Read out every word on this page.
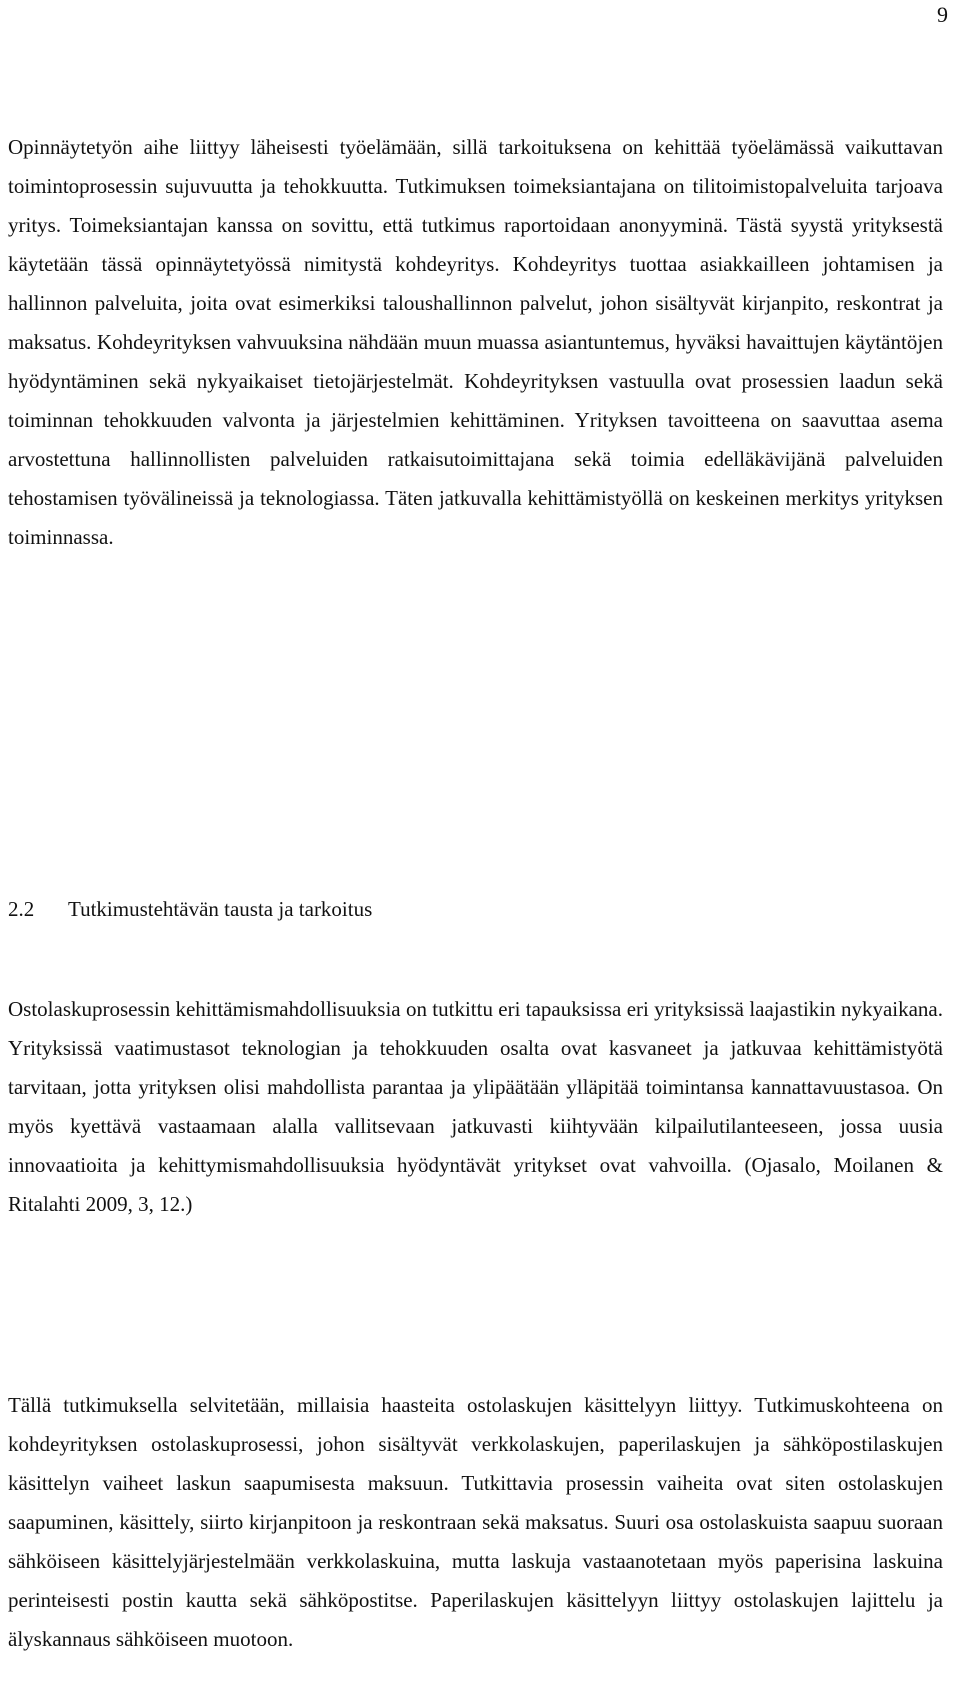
9

Opinnäytetyön aihe liittyy läheisesti työelämään, sillä tarkoituksena on kehittää työelämässä vaikuttavan toimintoprosessin sujuvuutta ja tehokkuutta. Tutkimuksen toimeksiantajana on tilitoimistopalveluita tarjoava yritys. Toimeksiantajan kanssa on sovittu, että tutkimus raportoidaan anonyyminä. Tästä syystä yrityksestä käytetään tässä opinnäytetyössä nimitystä kohdeyritys. Kohdeyritys tuottaa asiakkailleen johtamisen ja hallinnon palveluita, joita ovat esimerkiksi taloushallinnon palvelut, johon sisältyvät kirjanpito, reskontrat ja maksatus. Kohdeyrityksen vahvuuksina nähdään muun muassa asiantuntemus, hyväksi havaittujen käytäntöjen hyödyntäminen sekä nykyaikaiset tietojärjestelmät. Kohdeyrityksen vastuulla ovat prosessien laadun sekä toiminnan tehokkuuden valvonta ja järjestelmien kehittäminen. Yrityksen tavoitteena on saavuttaa asema arvostettuna hallinnollisten palveluiden ratkaisutoimittajana sekä toimia edelläkävijänä palveluiden tehostamisen työvälineissä ja teknologiassa. Täten jatkuvalla kehittämistyöllä on keskeinen merkitys yrityksen toiminnassa.

2.2 Tutkimustehtävän tausta ja tarkoitus

Ostolaskuprosessin kehittämismahdollisuuksia on tutkittu eri tapauksissa eri yrityksissä laajastikin nykyaikana. Yrityksissä vaatimustasot teknologian ja tehokkuuden osalta ovat kasvaneet ja jatkuvaa kehittämistyötä tarvitaan, jotta yrityksen olisi mahdollista parantaa ja ylipäätään ylläpitää toimintansa kannattavuustasoa. On myös kyettävä vastaamaan alalla vallitsevaan jatkuvasti kiihtyvään kilpailutilanteeseen, jossa uusia innovaatioita ja kehittymismahdollisuuksia hyödyntävät yritykset ovat vahvoilla. (Ojasalo, Moilanen & Ritalahti 2009, 3, 12.)

Tällä tutkimuksella selvitetään, millaisia haasteita ostolaskujen käsittelyyn liittyy. Tutkimuskohteena on kohdeyrityksen ostolaskuprosessi, johon sisältyvät verkkolaskujen, paperilaskujen ja sähköpostilaskujen käsittelyn vaiheet laskun saapumisesta maksuun. Tutkittavia prosessin vaiheita ovat siten ostolaskujen saapuminen, käsittely, siirto kirjanpitoon ja reskontraan sekä maksatus. Suuri osa ostolaskuista saapuu suoraan sähköiseen käsittelyjärjestelmään verkkolaskuina, mutta laskuja vastaanotetaan myös paperisina laskuina perinteisesti postin kautta sekä sähköpostitse. Paperilaskujen käsittelyyn liittyy ostolaskujen lajittelu ja älyskannaus sähköiseen muotoon.
